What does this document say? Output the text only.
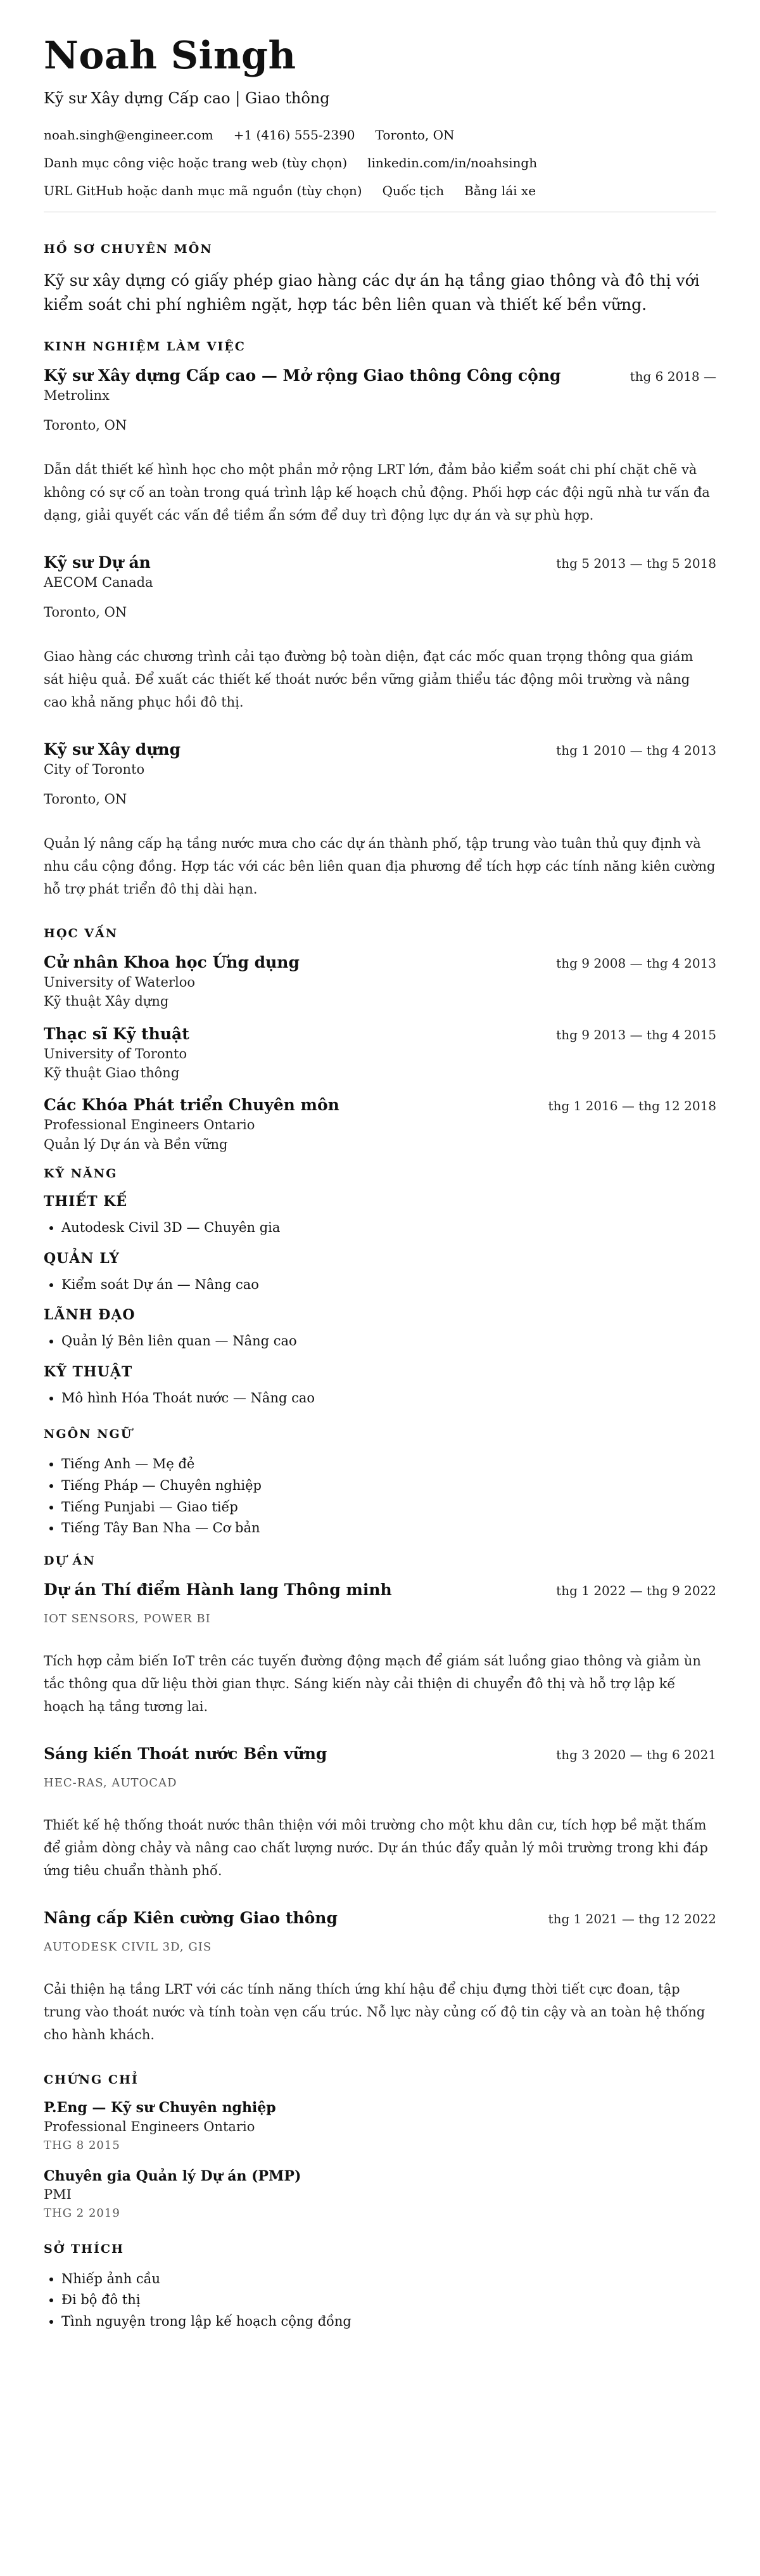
Noah Singh
Kỹ sư Xây dựng Cấp cao | Giao thông
noah.singh@engineer.com +1 (416) 555-2390 Toronto, ON
Danh mục công việc hoặc trang web (tùy chọn) linkedin.com/in/noahsingh
URL GitHub hoặc danh mục mã nguồn (tùy chọn) Quốc tịch Bằng lái xe
HỒ SƠ CHUYÊN MÔN

Kỹ sư xây dựng có giấy phép giao hàng các dự án hạ tầng giao thông và đô thị với kiểm soát chi phí nghiêm ngặt, hợp tác bên liên quan và thiết kế bền vững.

KINH NGHIỆM LÀM VIỆC
Kỹ sư Xây dựng Cấp cao — Mở rộng Giao thông Công cộng	thg 6 2018 —
Metrolinx
Toronto, ON
Dẫn dắt thiết kế hình học cho một phần mở rộng LRT lớn, đảm bảo kiểm soát chi phí chặt chẽ và không có sự cố an toàn trong quá trình lập kế hoạch chủ động. Phối hợp các đội ngũ nhà tư vấn đa dạng, giải quyết các vấn đề tiềm ẩn sớm để duy trì động lực dự án và sự phù hợp.
Kỹ sư Dự án	thg 5 2013 — thg 5 2018
AECOM Canada
Toronto, ON
Giao hàng các chương trình cải tạo đường bộ toàn diện, đạt các mốc quan trọng thông qua giám sát hiệu quả. Để xuất các thiết kế thoát nước bền vững giảm thiểu tác động môi trường và nâng cao khả năng phục hồi đô thị.
Kỹ sư Xây dựng	thg 1 2010 — thg 4 2013
City of Toronto
Toronto, ON
Quản lý nâng cấp hạ tầng nước mưa cho các dự án thành phố, tập trung vào tuân thủ quy định và nhu cầu cộng đồng. Hợp tác với các bên liên quan địa phương để tích hợp các tính năng kiên cường hỗ trợ phát triển đô thị dài hạn.
HỌC VẤN
Cử nhân Khoa học Ứng dụng	thg 9 2008 — thg 4 2013
University of Waterloo
Kỹ thuật Xây dựng
Thạc sĩ Kỹ thuật	thg 9 2013 — thg 4 2015
University of Toronto
Kỹ thuật Giao thông
Các Khóa Phát triển Chuyên môn	thg 1 2016 — thg 12 2018
Professional Engineers Ontario
Quản lý Dự án và Bền vững
KỸ NĂNG
THIẾT KẾ
• Autodesk Civil 3D — Chuyên gia
QUẢN LÝ
• Kiểm soát Dự án — Nâng cao
LÃNH ĐẠO
• Quản lý Bên liên quan — Nâng cao
KỸ THUẬT
• Mô hình Hóa Thoát nước — Nâng cao
NGÔN NGỮ
• Tiếng Anh — Mẹ đẻ
• Tiếng Pháp — Chuyên nghiệp
• Tiếng Punjabi — Giao tiếp
• Tiếng Tây Ban Nha — Cơ bản
DỰ ÁN
Dự án Thí điểm Hành lang Thông minh	thg 1 2022 — thg 9 2022
IOT SENSORS, POWER BI
Tích hợp cảm biến IoT trên các tuyến đường động mạch để giám sát luồng giao thông và giảm ùn tắc thông qua dữ liệu thời gian thực. Sáng kiến này cải thiện di chuyển đô thị và hỗ trợ lập kế hoạch hạ tầng tương lai.
Sáng kiến Thoát nước Bền vững	thg 3 2020 — thg 6 2021
HEC-RAS, AUTOCAD
Thiết kế hệ thống thoát nước thân thiện với môi trường cho một khu dân cư, tích hợp bề mặt thấm để giảm dòng chảy và nâng cao chất lượng nước. Dự án thúc đẩy quản lý môi trường trong khi đáp ứng tiêu chuẩn thành phố.
Nâng cấp Kiên cường Giao thông	thg 1 2021 — thg 12 2022
AUTODESK CIVIL 3D, GIS
Cải thiện hạ tầng LRT với các tính năng thích ứng khí hậu để chịu đựng thời tiết cực đoan, tập trung vào thoát nước và tính toàn vẹn cấu trúc. Nỗ lực này củng cố độ tin cậy và an toàn hệ thống cho hành khách.
CHỨNG CHỈ
P.Eng — Kỹ sư Chuyên nghiệp
Professional Engineers Ontario
THG 8 2015
Chuyên gia Quản lý Dự án (PMP)
PMI
THG 2 2019
SỞ THÍCH
• Nhiếp ảnh cầu
• Đi bộ đô thị
• Tình nguyện trong lập kế hoạch cộng đồng
